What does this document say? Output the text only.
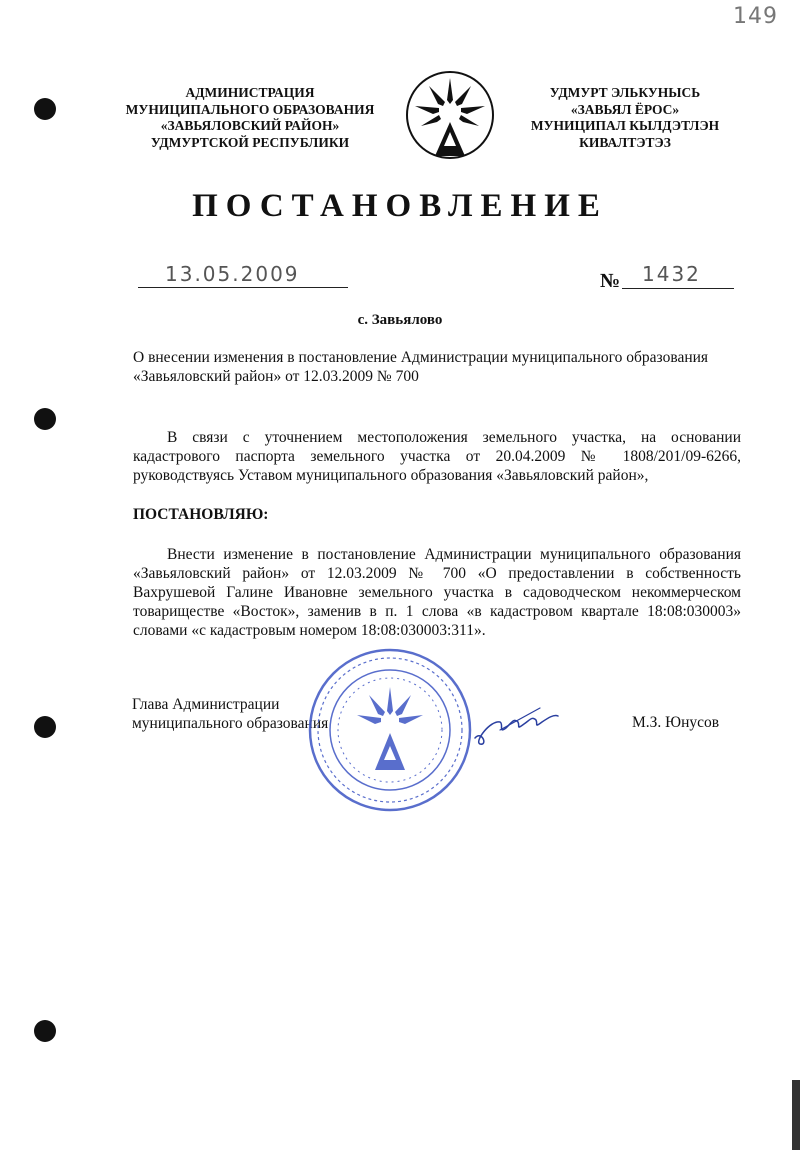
149
АДМИНИСТРАЦИЯ
МУНИЦИПАЛЬНОГО ОБРАЗОВАНИЯ
«ЗАВЬЯЛОВСКИЙ РАЙОН»
УДМУРТСКОЙ РЕСПУБЛИКИ
УДМУРТ ЭЛЬКУНЫСЬ
«ЗАВЬЯЛ ЁРОС»
МУНИЦИПАЛ КЫЛДЭТЛЭН
КИВАЛТЭТЭЗ
ПОСТАНОВЛЕНИЕ
13.05.2009	№ 1432
с. Завьялово
О внесении изменения в постановление Администрации муниципального образования
«Завьяловский район» от 12.03.2009 № 700
В связи с уточнением местоположения земельного участка, на основании
кадастрового паспорта земельного участка от 20.04.2009 № 1808/201/09-6266,
руководствуясь Уставом муниципального образования «Завьяловский район»,
ПОСТАНОВЛЯЮ:
Внести изменение в постановление Администрации муниципального образования
«Завьяловский район» от 12.03.2009 № 700 «О предоставлении в собственность
Вахрушевой Галине Ивановне земельного участка в садоводческом некоммерческом
товариществе «Восток», заменив в п. 1 слова «в кадастровом квартале 18:08:030003»
словами «с кадастровым номером 18:08:030003:311».
Глава Администрации
муниципального образования	М.З. Юнусов
